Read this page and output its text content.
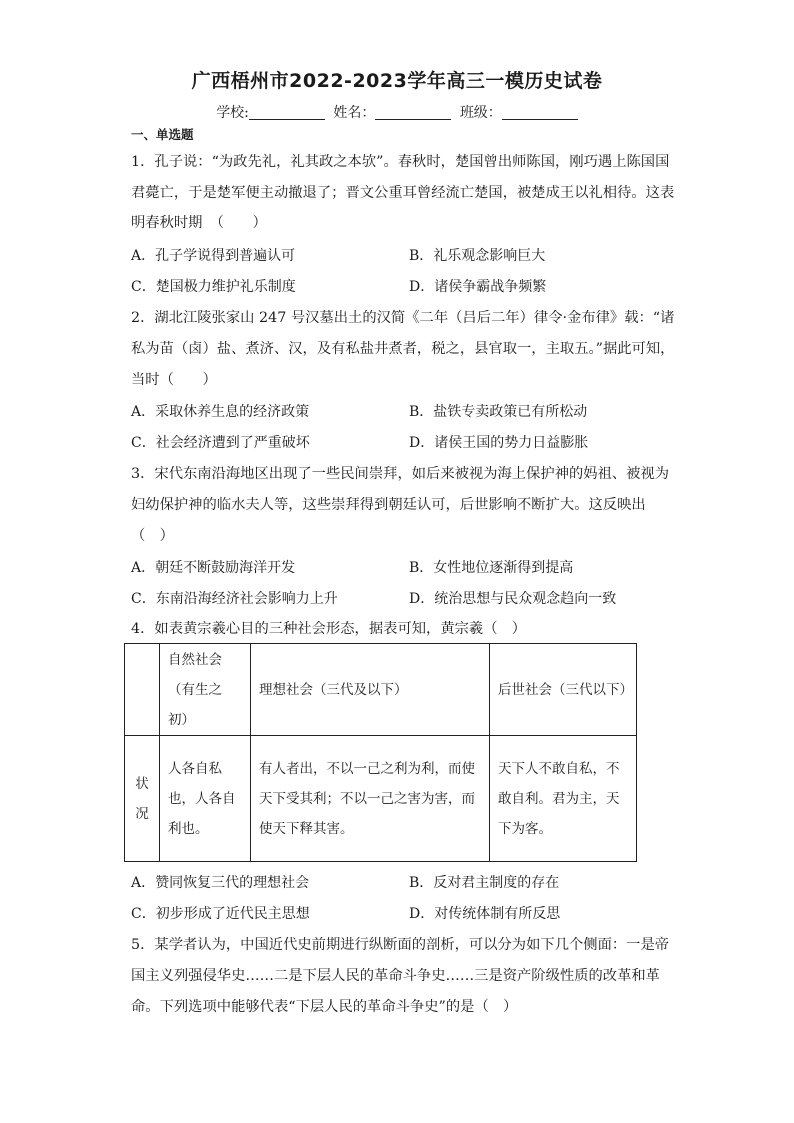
广西梧州市2022-2023学年高三一模历史试卷
学校:	姓名：	班级：
一、单选题
1．孔子说：“为政先礼，礼其政之本欤”。春秋时，楚国曾出师陈国，刚巧遇上陈国国
君薨亡，于是楚军便主动撤退了；晋文公重耳曾经流亡楚国，被楚成王以礼相待。这表
明春秋时期　（　　）
A．孔子学说得到普遍认可	B．礼乐观念影响巨大
C．楚国极力维护礼乐制度	D．诸侯争霸战争频繁
2．湖北江陵张家山 247 号汉墓出土的汉简《二年（吕后二年）律令·金布律》载：“诸
私为苗（卤）盐、煮济、汉，及有私盐井煮者，税之，县官取一，主取五。”据此可知，
当时（　　）
A．采取休养生息的经济政策	B．盐铁专卖政策已有所松动
C．社会经济遭到了严重破坏	D．诸侯王国的势力日益膨胀
3．宋代东南沿海地区出现了一些民间崇拜，如后来被视为海上保护神的妈祖、被视为
妇幼保护神的临水夫人等，这些崇拜得到朝廷认可，后世影响不断扩大。这反映出
（　）
A．朝廷不断鼓励海洋开发	B．女性地位逐渐得到提高
C．东南沿海经济社会影响力上升	D．统治思想与民众观念趋向一致
4．如表黄宗羲心目的三种社会形态，据表可知，黄宗羲（　）
	自然社会（有生之初）	理想社会（三代及以下）	后世社会（三代以下）
状况	人各自私也，人各自利也。	有人者出，不以一己之利为利，而使天下受其利；不以一己之害为害，而使天下释其害。	天下人不敢自私，不敢自利。君为主，天下为客。
A．赞同恢复三代的理想社会	B．反对君主制度的存在
C．初步形成了近代民主思想	D．对传统体制有所反思
5．某学者认为，中国近代史前期进行纵断面的剖析，可以分为如下几个侧面：一是帝
国主义列强侵华史……二是下层人民的革命斗争史……三是资产阶级性质的改革和革
命。下列选项中能够代表“下层人民的革命斗争史”的是（　）
